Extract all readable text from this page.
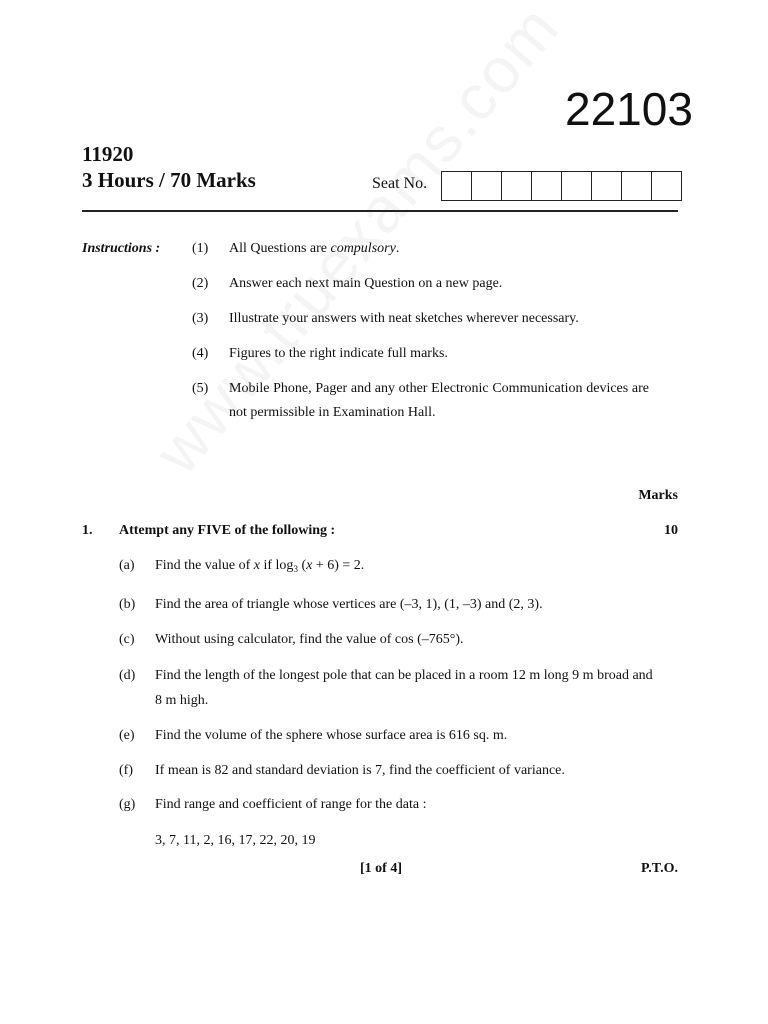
22103
11920
3 Hours / 70 Marks	Seat No.
Instructions : (1) All Questions are compulsory.
(2) Answer each next main Question on a new page.
(3) Illustrate your answers with neat sketches wherever necessary.
(4) Figures to the right indicate full marks.
(5) Mobile Phone, Pager and any other Electronic Communication devices are not permissible in Examination Hall.
Marks
1. Attempt any FIVE of the following :	10
(a) Find the value of x if $\log_3 (x + 6) = 2$.
(b) Find the area of triangle whose vertices are (–3, 1), (1, –3) and (2, 3).
(c) Without using calculator, find the value of cos (–765°).
(d) Find the length of the longest pole that can be placed in a room 12 m long 9 m broad and 8 m high.
(e) Find the volume of the sphere whose surface area is 616 sq. m.
(f) If mean is 82 and standard deviation is 7, find the coefficient of variance.
(g) Find range and coefficient of range for the data :
3, 7, 11, 2, 16, 17, 22, 20, 19
[1 of 4]	P.T.O.
